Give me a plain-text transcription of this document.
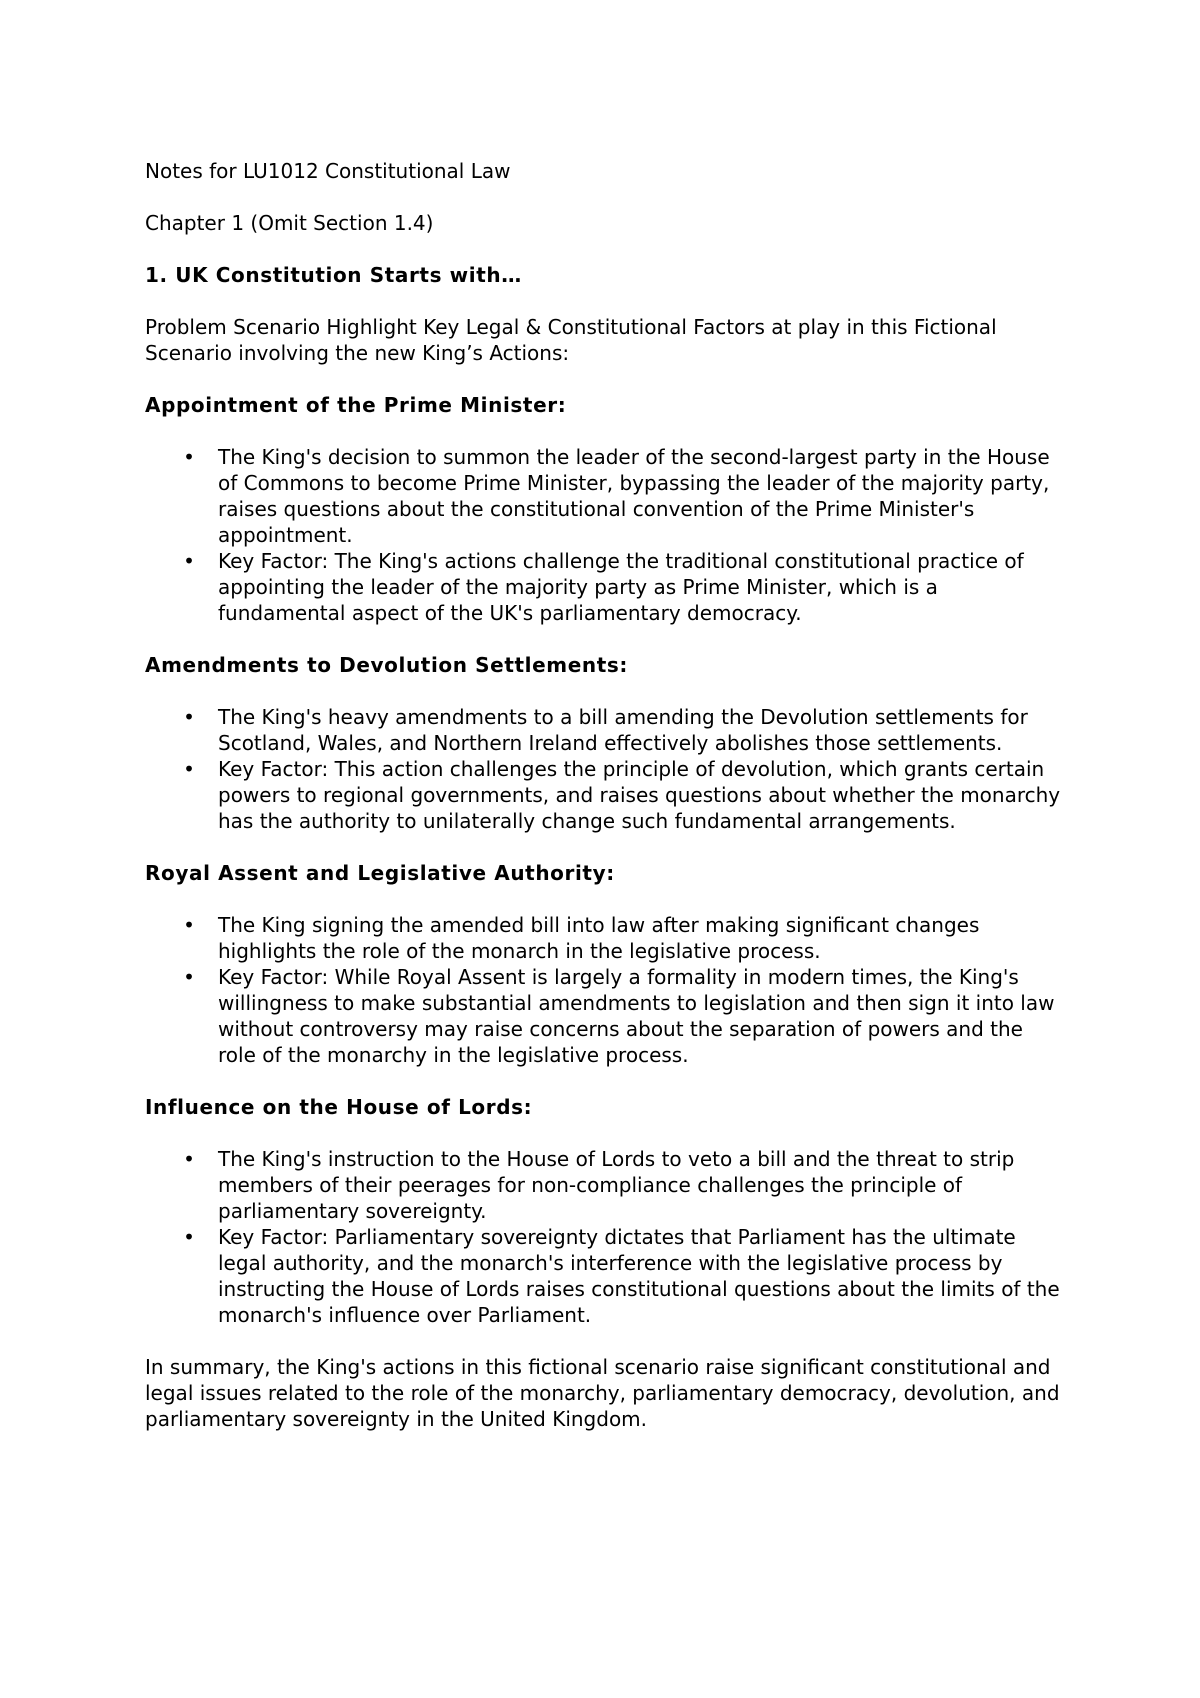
Notes for LU1012 Constitutional Law

Chapter 1 (Omit Section 1.4)

1. UK Constitution Starts with…

Problem Scenario Highlight Key Legal & Constitutional Factors at play in this Fictional Scenario involving the new King’s Actions:

Appointment of the Prime Minister:

• The King's decision to summon the leader of the second-largest party in the House of Commons to become Prime Minister, bypassing the leader of the majority party, raises questions about the constitutional convention of the Prime Minister's appointment.
• Key Factor: The King's actions challenge the traditional constitutional practice of appointing the leader of the majority party as Prime Minister, which is a fundamental aspect of the UK's parliamentary democracy.

Amendments to Devolution Settlements:

• The King's heavy amendments to a bill amending the Devolution settlements for Scotland, Wales, and Northern Ireland effectively abolishes those settlements.
• Key Factor: This action challenges the principle of devolution, which grants certain powers to regional governments, and raises questions about whether the monarchy has the authority to unilaterally change such fundamental arrangements.

Royal Assent and Legislative Authority:

• The King signing the amended bill into law after making significant changes highlights the role of the monarch in the legislative process.
• Key Factor: While Royal Assent is largely a formality in modern times, the King's willingness to make substantial amendments to legislation and then sign it into law without controversy may raise concerns about the separation of powers and the role of the monarchy in the legislative process.

Influence on the House of Lords:

• The King's instruction to the House of Lords to veto a bill and the threat to strip members of their peerages for non-compliance challenges the principle of parliamentary sovereignty.
• Key Factor: Parliamentary sovereignty dictates that Parliament has the ultimate legal authority, and the monarch's interference with the legislative process by instructing the House of Lords raises constitutional questions about the limits of the monarch's influence over Parliament.

In summary, the King's actions in this fictional scenario raise significant constitutional and legal issues related to the role of the monarchy, parliamentary democracy, devolution, and parliamentary sovereignty in the United Kingdom.
